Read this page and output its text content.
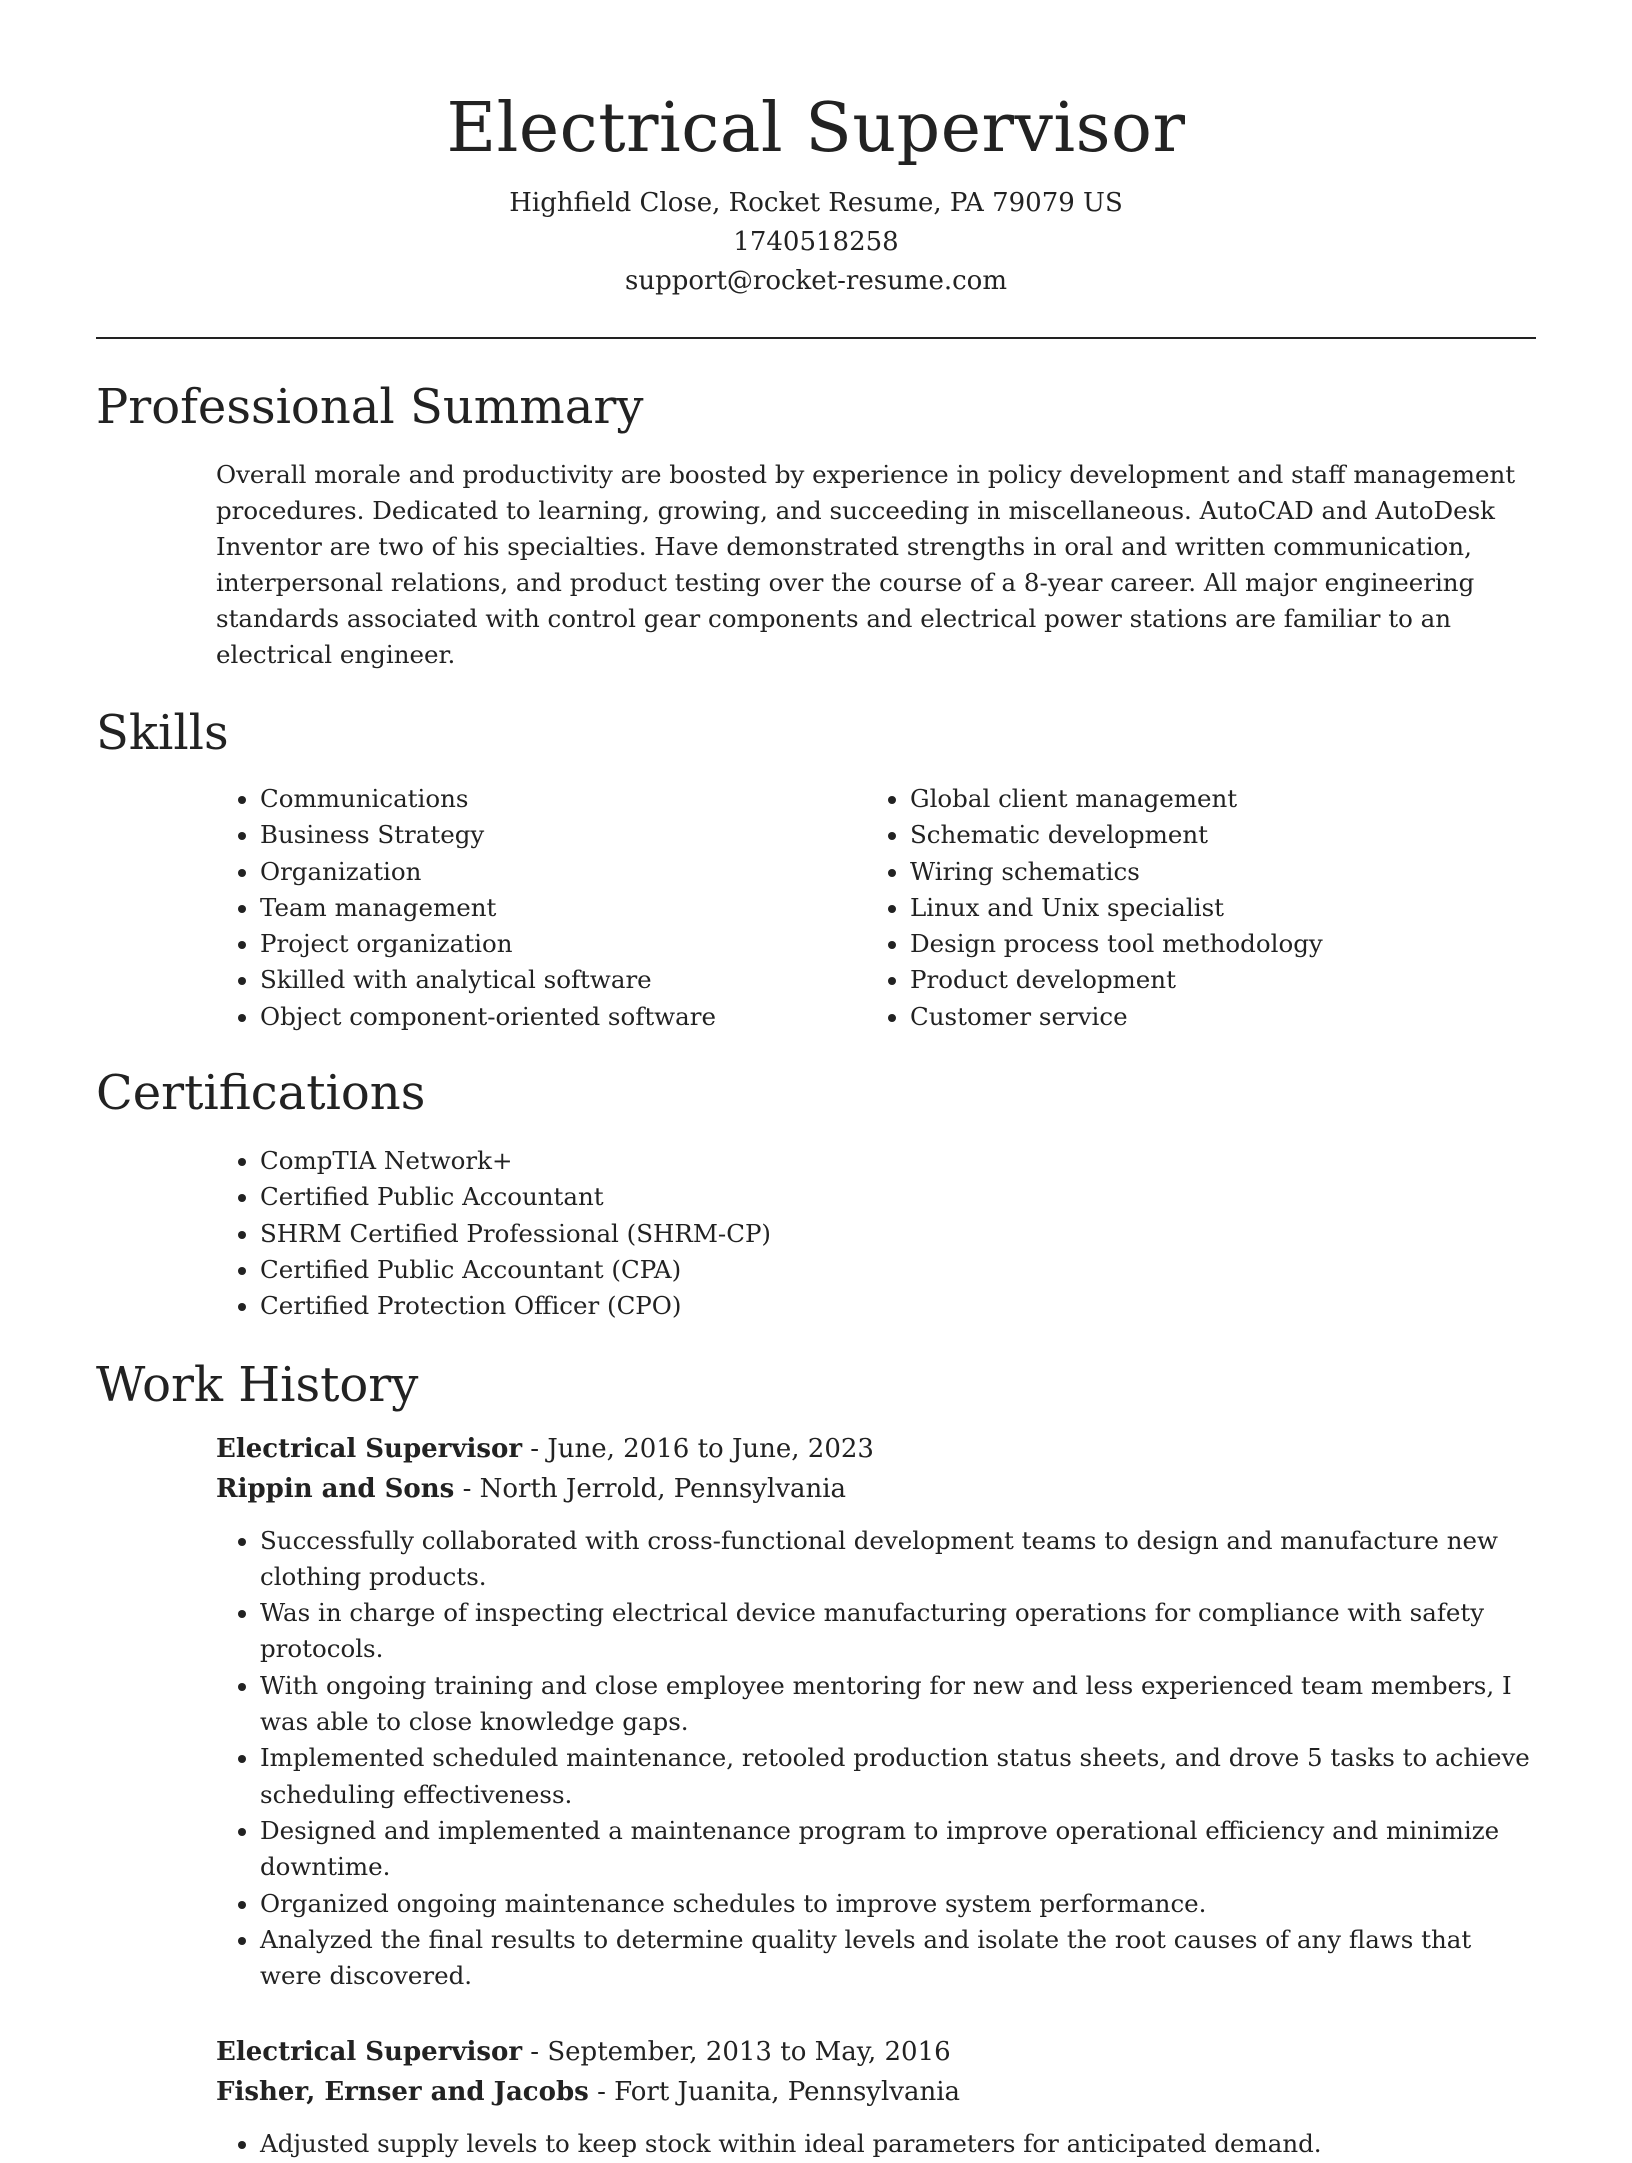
Electrical Supervisor
Highfield Close, Rocket Resume, PA 79079 US
1740518258
support@rocket-resume.com
Professional Summary

Overall morale and productivity are boosted by experience in policy development and staff management procedures. Dedicated to learning, growing, and succeeding in miscellaneous. AutoCAD and AutoDesk Inventor are two of his specialties. Have demonstrated strengths in oral and written communication, interpersonal relations, and product testing over the course of a 8-year career. All major engineering standards associated with control gear components and electrical power stations are familiar to an electrical engineer.

Skills
• Communications
• Business Strategy
• Organization
• Team management
• Project organization
• Skilled with analytical software
• Object component-oriented software
• Global client management
• Schematic development
• Wiring schematics
• Linux and Unix specialist
• Design process tool methodology
• Product development
• Customer service
Certifications
• CompTIA Network+
• Certified Public Accountant
• SHRM Certified Professional (SHRM-CP)
• Certified Public Accountant (CPA)
• Certified Protection Officer (CPO)
Work History
Electrical Supervisor - June, 2016 to June, 2023
Rippin and Sons - North Jerrold, Pennsylvania
• Successfully collaborated with cross-functional development teams to design and manufacture new clothing products.
• Was in charge of inspecting electrical device manufacturing operations for compliance with safety protocols.
• With ongoing training and close employee mentoring for new and less experienced team members, I was able to close knowledge gaps.
• Implemented scheduled maintenance, retooled production status sheets, and drove 5 tasks to achieve scheduling effectiveness.
• Designed and implemented a maintenance program to improve operational efficiency and minimize downtime.
• Organized ongoing maintenance schedules to improve system performance.
• Analyzed the final results to determine quality levels and isolate the root causes of any flaws that were discovered.
Electrical Supervisor - September, 2013 to May, 2016
Fisher, Ernser and Jacobs - Fort Juanita, Pennsylvania
• Adjusted supply levels to keep stock within ideal parameters for anticipated demand.
